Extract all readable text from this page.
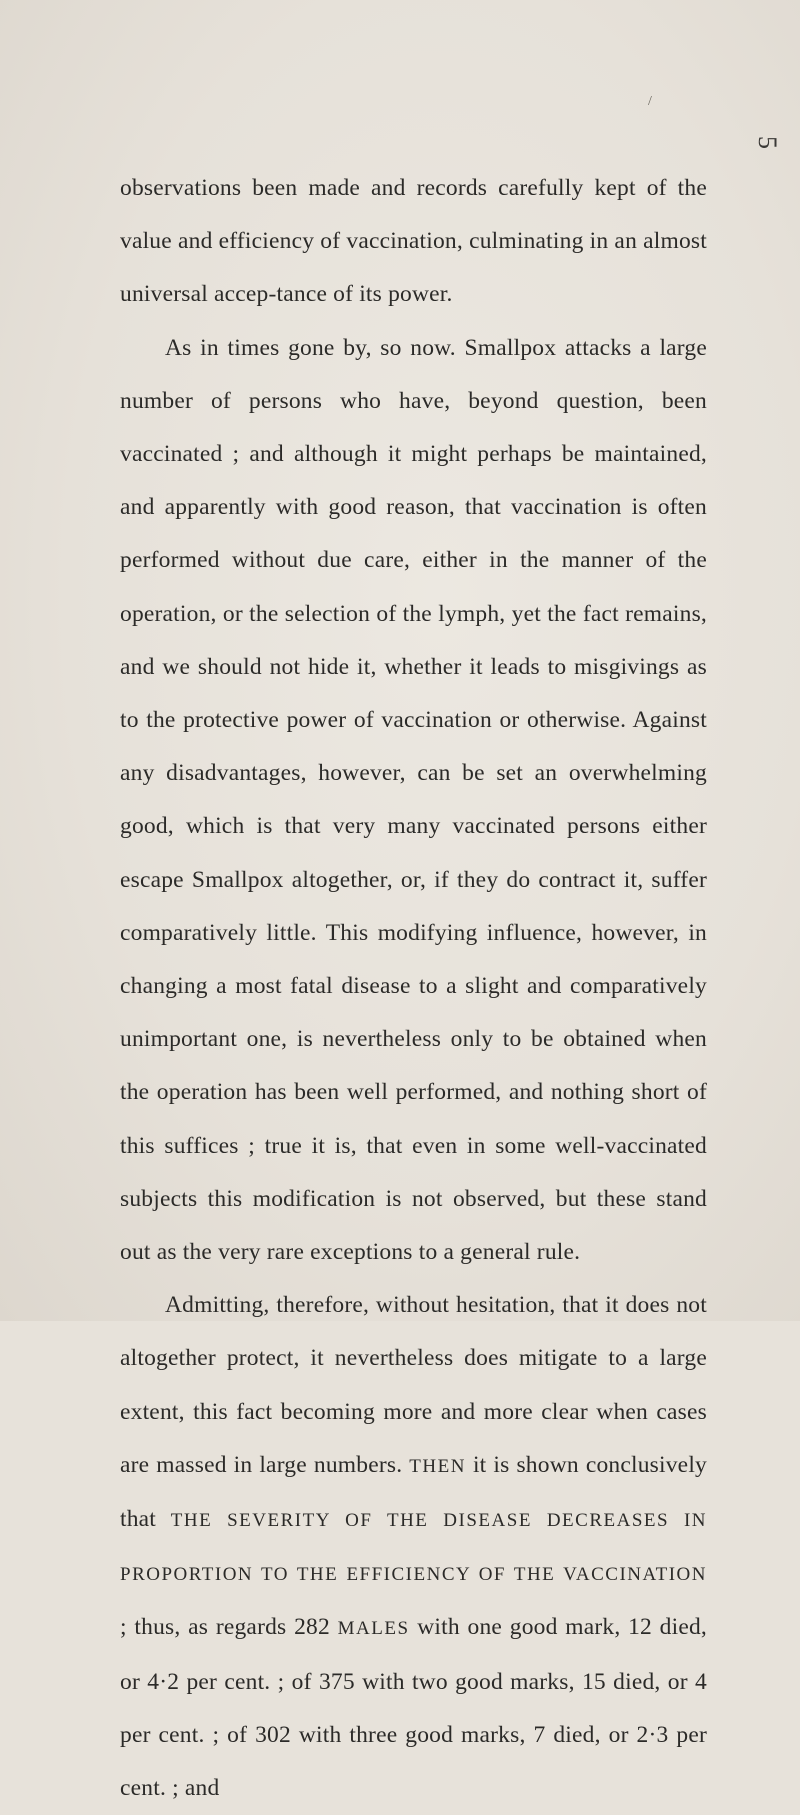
/
5

observations been made and records carefully kept of the value and efficiency of vaccination, culminating in an almost universal accep-tance of its power.

As in times gone by, so now. Smallpox attacks a large number of persons who have, beyond question, been vaccinated ; and although it might perhaps be maintained, and apparently with good reason, that vaccination is often performed without due care, either in the manner of the operation, or the selection of the lymph, yet the fact remains, and we should not hide it, whether it leads to misgivings as to the protective power of vaccination or otherwise. Against any disadvantages, however, can be set an overwhelming good, which is that very many vaccinated persons either escape Smallpox altogether, or, if they do contract it, suffer comparatively little. This modifying influence, however, in changing a most fatal disease to a slight and comparatively unimportant one, is nevertheless only to be obtained when the operation has been well performed, and nothing short of this suffices ; true it is, that even in some well-vaccinated subjects this modification is not observed, but these stand out as the very rare exceptions to a general rule.

Admitting, therefore, without hesitation, that it does not altogether protect, it nevertheless does mitigate to a large extent, this fact becoming more and more clear when cases are massed in large numbers. THEN it is shown conclusively that THE SEVERITY OF THE DISEASE DECREASES IN PROPORTION TO THE EFFICIENCY OF THE VACCINATION ; thus, as regards 282 MALES with one good mark, 12 died, or 4·2 per cent. ; of 375 with two good marks, 15 died, or 4 per cent. ; of 302 with three good marks, 7 died, or 2·3 per cent. ; and
